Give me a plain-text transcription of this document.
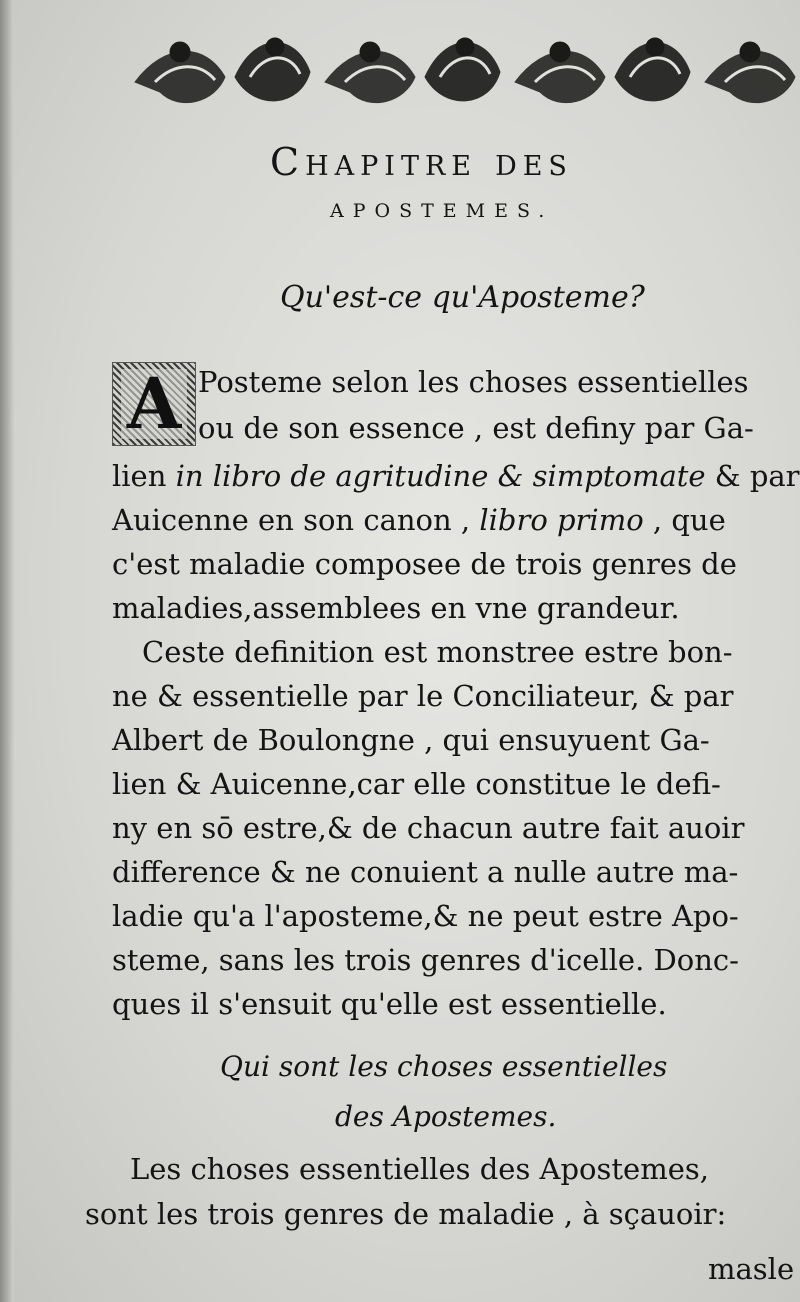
Chapitre des
APOSTEMES.
Qu'est-ce qu'Aposteme?
A Posteme selon les choses essentielles
ou de son essence , est definy par Ga-
lien in libro de agritudine & simptomate & par
Auicenne en son canon , libro primo , que
c'est maladie composee de trois genres de
maladies,assemblees en vne grandeur.
Ceste definition est monstree estre bon-
ne & essentielle par le Conciliateur, & par
Albert de Boulongne , qui ensuyuent Ga-
lien & Auicenne,car elle constitue le defi-
ny en sō estre,& de chacun autre fait auoir
difference & ne conuient a nulle autre ma-
ladie qu'a l'aposteme,& ne peut estre Apo-
steme, sans les trois genres d'icelle. Donc-
ques il s'ensuit qu'elle est essentielle.
Qui sont les choses essentielles
des Apostemes.
Les choses essentielles des Apostemes,
sont les trois genres de maladie , à sçauoir:
masle
